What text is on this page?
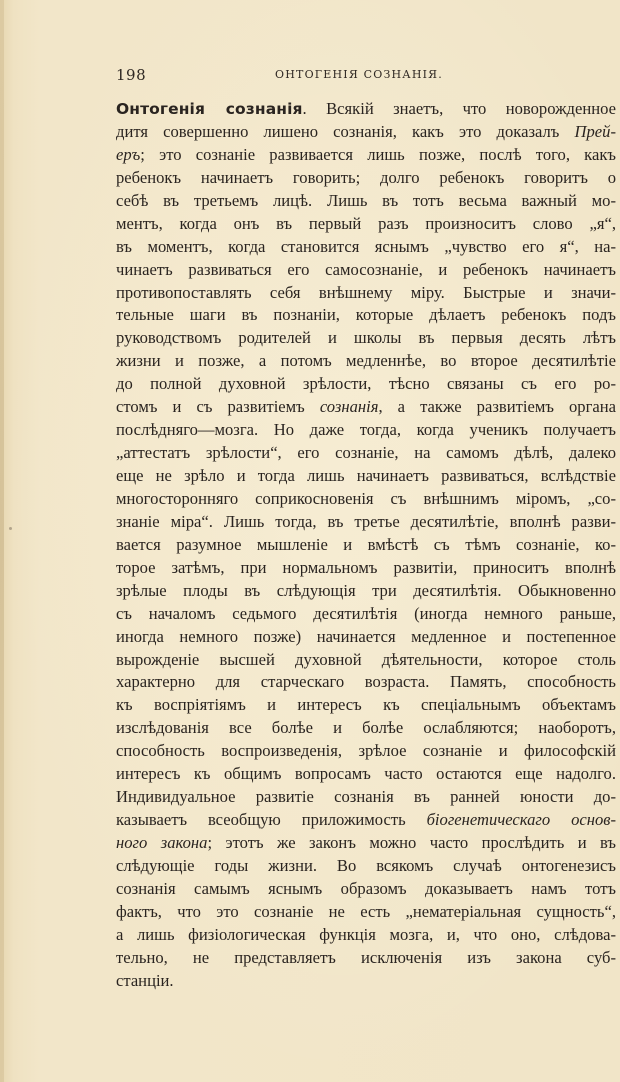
198	ОНТОГЕНІЯ СОЗНАНІЯ.
Онтогенія сознанія. Всякій знаетъ, что новорожденное
дитя совершенно лишено сознанія, какъ это доказалъ Прей-
еръ; это сознаніе развивается лишь позже, послѣ того, какъ
ребенокъ начинаетъ говорить; долго ребенокъ говоритъ о
себѣ въ третьемъ лицѣ. Лишь въ тотъ весьма важный мо-
ментъ, когда онъ въ первый разъ произноситъ слово „я“,
въ моментъ, когда становится яснымъ „чувство его я“, на-
чинаетъ развиваться его самосознаніе, и ребенокъ начинаетъ
противопоставлять себя внѣшнему міру. Быстрые и значи-
тельные шаги въ познаніи, которые дѣлаетъ ребенокъ подъ
руководствомъ родителей и школы въ первыя десять лѣтъ
жизни и позже, а потомъ медленнѣе, во второе десятилѣтіе
до полной духовной зрѣлости, тѣсно связаны съ его ро-
стомъ и съ развитіемъ сознанія, а также развитіемъ органа
послѣдняго—мозга. Но даже тогда, когда ученикъ получаетъ
„аттестатъ зрѣлости“, его сознаніе, на самомъ дѣлѣ, далеко
еще не зрѣло и тогда лишь начинаетъ развиваться, вслѣдствіе
многосторонняго соприкосновенія съ внѣшнимъ міромъ, „со-
знаніе міра“. Лишь тогда, въ третье десятилѣтіе, вполнѣ разви-
вается разумное мышленіе и вмѣстѣ съ тѣмъ сознаніе, ко-
торое затѣмъ, при нормальномъ развитіи, приноситъ вполнѣ
зрѣлые плоды въ слѣдующія три десятилѣтія. Обыкновенно
съ началомъ седьмого десятилѣтія (иногда немного раньше,
иногда немного позже) начинается медленное и постепенное
вырожденіе высшей духовной дѣятельности, которое столь
характерно для старческаго возраста. Память, способность
къ воспріятіямъ и интересъ къ спеціальнымъ объектамъ
изслѣдованія все болѣе и болѣе ослабляются; наоборотъ,
способность воспроизведенія, зрѣлое сознаніе и философскій
интересъ къ общимъ вопросамъ часто остаются еще надолго.
Индивидуальное развитіе сознанія въ ранней юности до-
казываетъ всеобщую приложимость біогенетическаго основ-
ного закона; этотъ же законъ можно часто прослѣдить и въ
слѣдующіе годы жизни. Во всякомъ случаѣ онтогенезисъ
сознанія самымъ яснымъ образомъ доказываетъ намъ тотъ
фактъ, что это сознаніе не есть „нематеріальная сущность“,
а лишь физіологическая функція мозга, и, что оно, слѣдова-
тельно, не представляетъ исключенія изъ закона суб-
станціи.
